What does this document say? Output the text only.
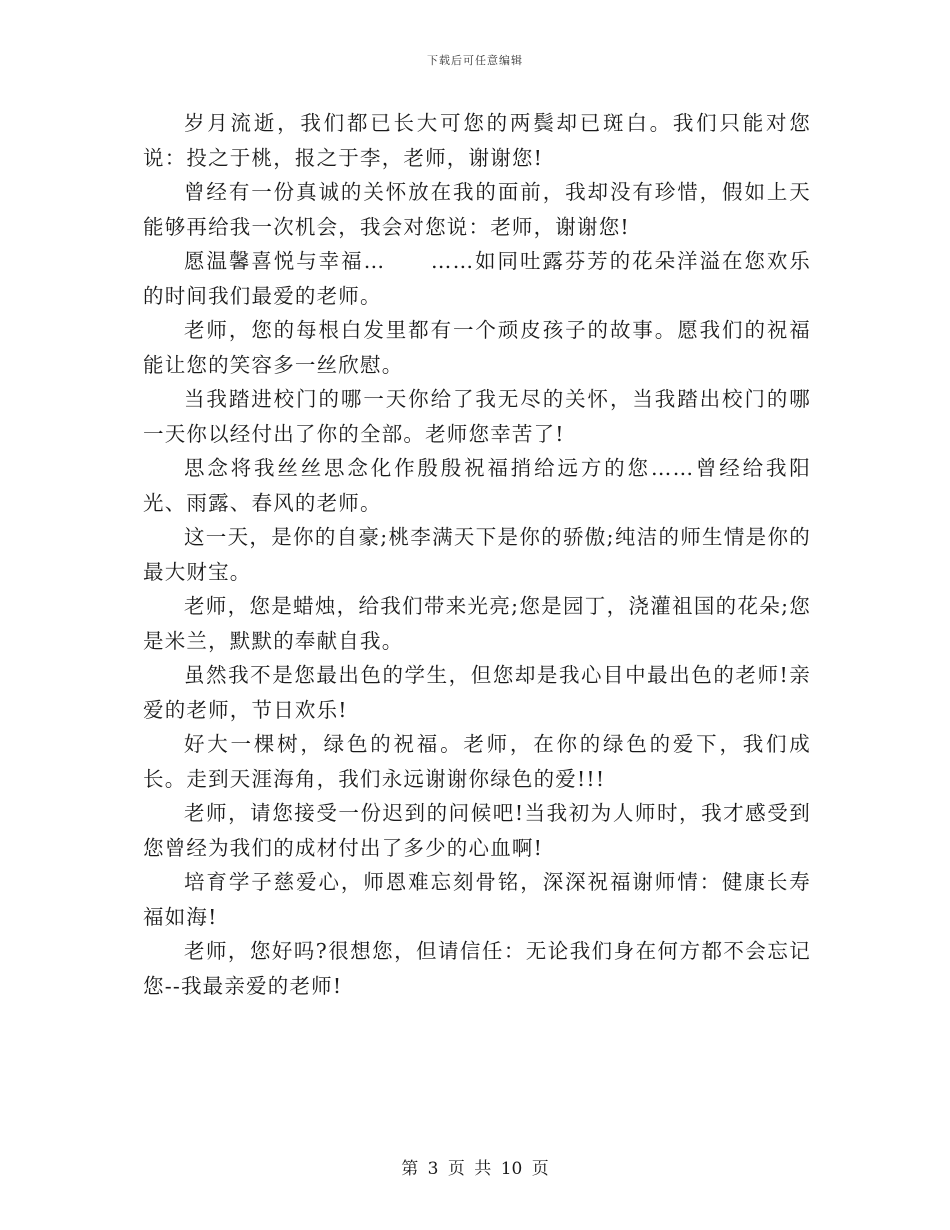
下载后可任意编辑

岁月流逝，我们都已长大可您的两鬓却已斑白。我们只能对您说：投之于桃，报之于李，老师，谢谢您!

曾经有一份真诚的关怀放在我的面前，我却没有珍惜，假如上天能够再给我一次机会，我会对您说：老师，谢谢您!

愿温馨喜悦与幸福…　　……如同吐露芬芳的花朵洋溢在您欢乐的时间我们最爱的老师。

老师，您的每根白发里都有一个顽皮孩子的故事。愿我们的祝福能让您的笑容多一丝欣慰。

当我踏进校门的哪一天你给了我无尽的关怀，当我踏出校门的哪一天你以经付出了你的全部。老师您幸苦了!

思念将我丝丝思念化作殷殷祝福捎给远方的您……曾经给我阳光、雨露、春风的老师。

这一天，是你的自豪;桃李满天下是你的骄傲;纯洁的师生情是你的最大财宝。

老师，您是蜡烛，给我们带来光亮;您是园丁，浇灌祖国的花朵;您是米兰，默默的奉献自我。

虽然我不是您最出色的学生，但您却是我心目中最出色的老师!亲爱的老师，节日欢乐!

好大一棵树，绿色的祝福。老师，在你的绿色的爱下，我们成长。走到天涯海角，我们永远谢谢你绿色的爱!!!

老师，请您接受一份迟到的问候吧!当我初为人师时，我才感受到您曾经为我们的成材付出了多少的心血啊!

培育学子慈爱心，师恩难忘刻骨铭，深深祝福谢师情：健康长寿福如海!

老师，您好吗?很想您，但请信任：无论我们身在何方都不会忘记您--我最亲爱的老师!

第 3 页 共 10 页
